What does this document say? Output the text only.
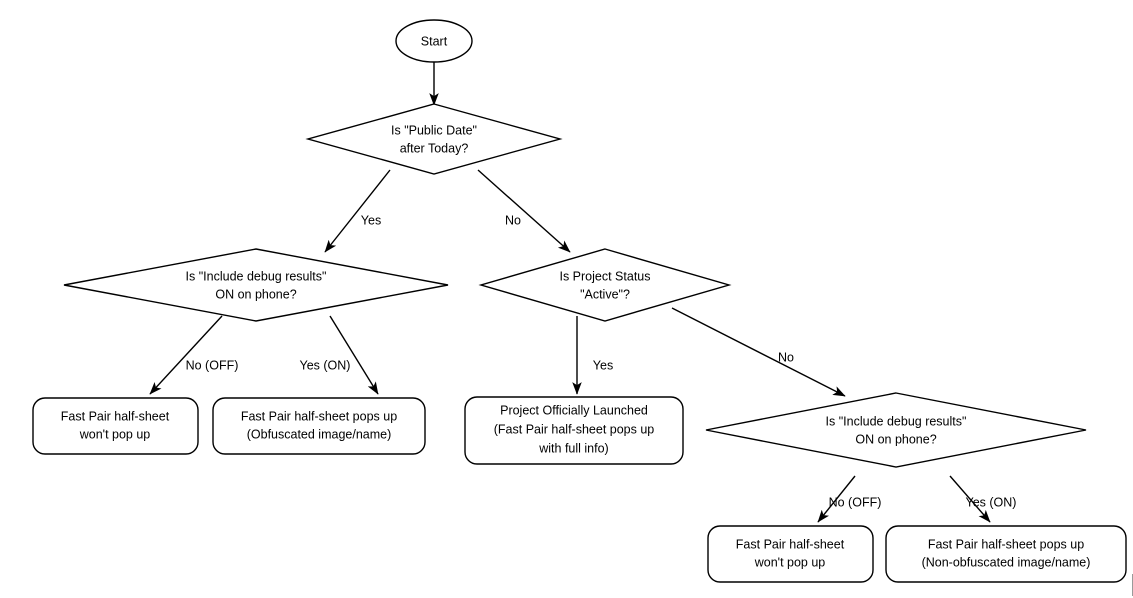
Yes	No
No (OFF)	Yes (ON)	Yes
No
No (OFF)	Yes (ON)
Start
Is "Public Date"
after Today?
Is "Include debug results"
ON on phone?
Is Project Status
"Active"?
Is "Include debug results"
ON on phone?
Fast Pair half-sheet
won't pop up
Fast Pair half-sheet pops up
(Obfuscated image/name)
Project Officially Launched
(Fast Pair half-sheet pops up
with full info)
Fast Pair half-sheet
won't pop up
Fast Pair half-sheet pops up
(Non-obfuscated image/name)
